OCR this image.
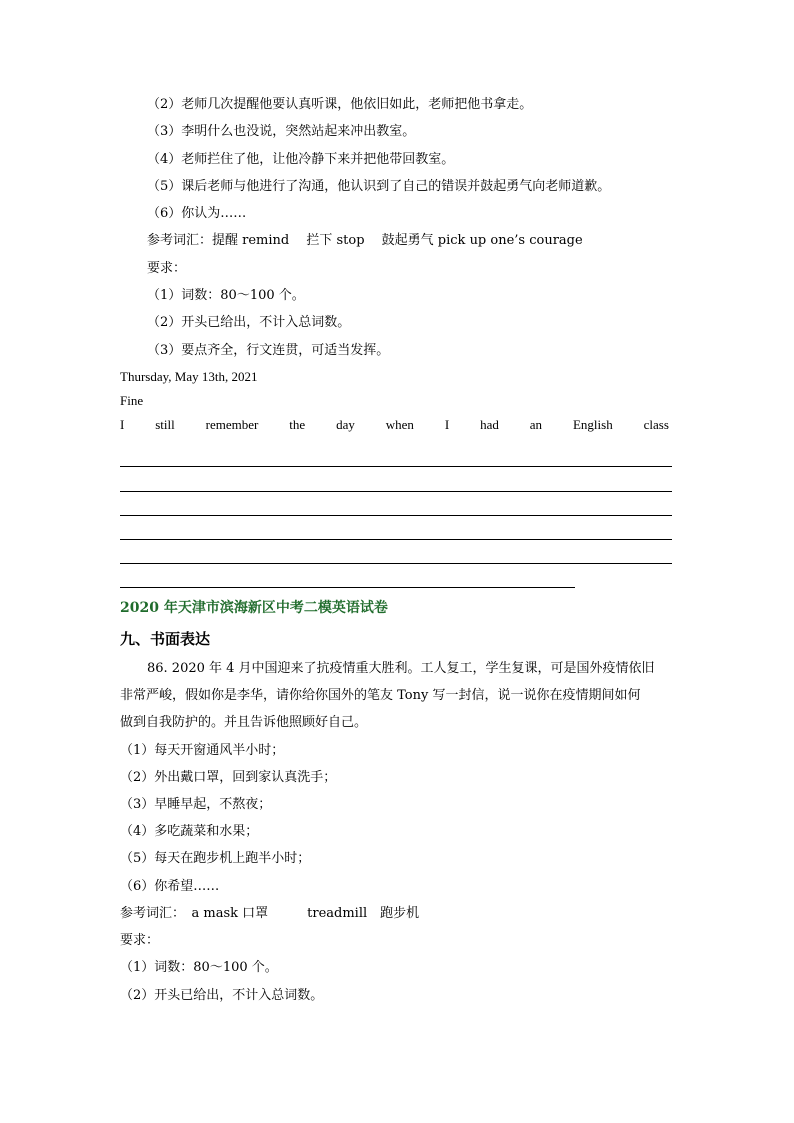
（2）老师几次提醒他要认真听课，他依旧如此，老师把他书拿走。
（3）李明什么也没说，突然站起来冲出教室。
（4）老师拦住了他，让他冷静下来并把他带回教室。
（5）课后老师与他进行了沟通，他认识到了自己的错误并鼓起勇气向老师道歉。
（6）你认为……
参考词汇：提醒 remind　 拦下 stop　 鼓起勇气 pick up one’s courage
要求：
（1）词数：80～100 个。
（2）开头已给出，不计入总词数。
（3）要点齐全，行文连贯，可适当发挥。
Thursday, May 13th, 2021
Fine
I still remember the day when I had an English class
2020 年天津市滨海新区中考二模英语试卷
九、书面表达
86. 2020 年 4 月中国迎来了抗疫情重大胜利。工人复工，学生复课，可是国外疫情依旧
非常严峻，假如你是李华，请你给你国外的笔友 Tony 写一封信，说一说你在疫情期间如何
做到自我防护的。并且告诉他照顾好自己。
（1）每天开窗通风半小时；
（2）外出戴口罩，回到家认真洗手；
（3）早睡早起，不熬夜；
（4）多吃蔬菜和水果；
（5）每天在跑步机上跑半小时；
（6）你希望……
参考词汇：　a mask 口罩　　　treadmill　跑步机
要求：
（1）词数：80～100 个。
（2）开头已给出，不计入总词数。
